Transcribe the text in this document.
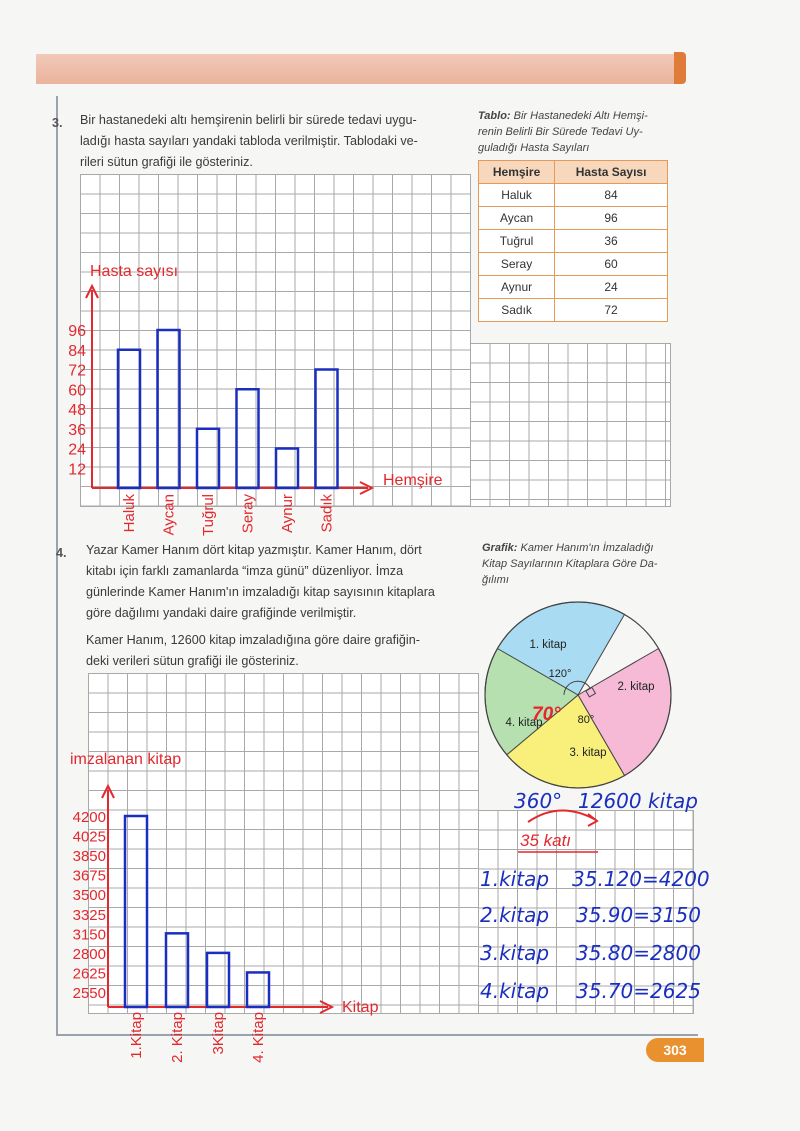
3. Bir hastanedeki altı hemşirenin belirli bir sürede tedavi uygu-
ladığı hasta sayıları yandaki tabloda verilmiştir. Tablodaki ve-
rileri sütun grafiği ile gösteriniz.
Tablo: Bir Hastanedeki Altı Hemşi-
renin Belirli Bir Sürede Tedavi Uy-
guladığı Hasta Sayıları
Hemşire	Hasta Sayısı
Haluk	84
Aycan	96
Tuğrul	36
Seray	60
Aynur	24
Sadık	72
4. Yazar Kamer Hanım dört kitap yazmıştır. Kamer Hanım, dört
kitabı için farklı zamanlarda “imza günü” düzenliyor. İmza
günlerinde Kamer Hanım'ın imzaladığı kitap sayısının kitaplara
göre dağılımı yandaki daire grafiğinde verilmiştir.
Kamer Hanım, 12600 kitap imzaladığına göre daire grafiğin-
deki verileri sütun grafiği ile gösteriniz.
Grafik: Kamer Hanım'ın İmzaladığı
Kitap Sayılarının Kitaplara Göre Da-
ğılımı
303
Hasta sayısı
Hemşire
12
24
36
48
60
72
84
96
Haluk Aycan Tuğrul Seray Aynur Sadık
1. kitap
2. kitap
3. kitap
4. kitap
120°
80°
70°
imzalanan kitap
Kitap
2550
2625
2800
3150
3325
3500
3675
3850
4025
4200
1.Kitap 2. Kitap 3Kitap 4. Kitap
360° 12600 kitap
35 katı
1.kitap 35.120=4200
2.kitap 35.90=3150
3.kitap 35.80=2800
4.kitap 35.70=2625
